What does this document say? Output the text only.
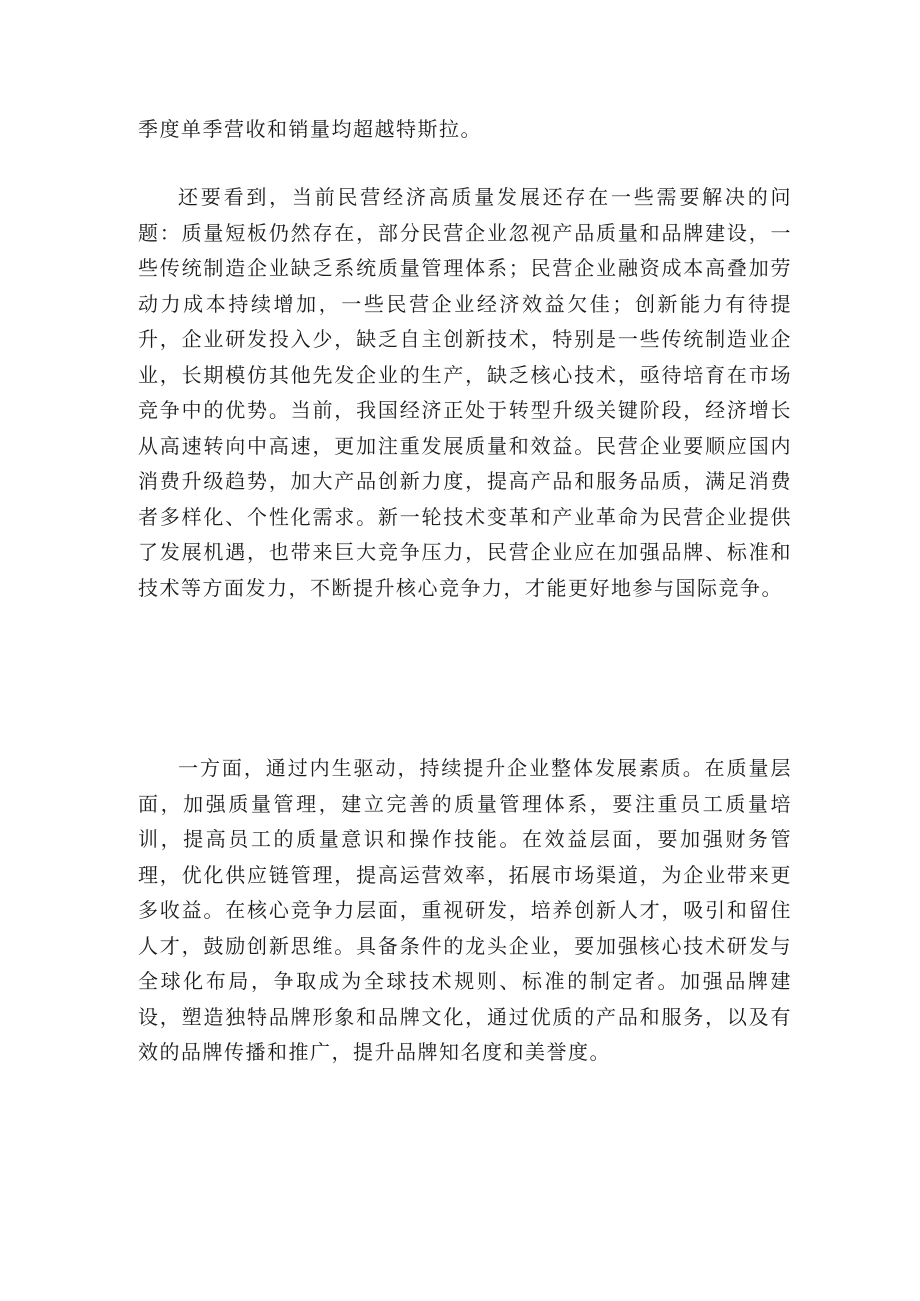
季度单季营收和销量均超越特斯拉。

还要看到，当前民营经济高质量发展还存在一些需要解决的问题：质量短板仍然存在，部分民营企业忽视产品质量和品牌建设，一些传统制造企业缺乏系统质量管理体系；民营企业融资成本高叠加劳动力成本持续增加，一些民营企业经济效益欠佳；创新能力有待提升，企业研发投入少，缺乏自主创新技术，特别是一些传统制造业企业，长期模仿其他先发企业的生产，缺乏核心技术，亟待培育在市场竞争中的优势。当前，我国经济正处于转型升级关键阶段，经济增长从高速转向中高速，更加注重发展质量和效益。民营企业要顺应国内消费升级趋势，加大产品创新力度，提高产品和服务品质，满足消费者多样化、个性化需求。新一轮技术变革和产业革命为民营企业提供了发展机遇，也带来巨大竞争压力，民营企业应在加强品牌、标准和技术等方面发力，不断提升核心竞争力，才能更好地参与国际竞争。

一方面，通过内生驱动，持续提升企业整体发展素质。在质量层面，加强质量管理，建立完善的质量管理体系，要注重员工质量培训，提高员工的质量意识和操作技能。在效益层面，要加强财务管理，优化供应链管理，提高运营效率，拓展市场渠道，为企业带来更多收益。在核心竞争力层面，重视研发，培养创新人才，吸引和留住人才，鼓励创新思维。具备条件的龙头企业，要加强核心技术研发与全球化布局，争取成为全球技术规则、标准的制定者。加强品牌建设，塑造独特品牌形象和品牌文化，通过优质的产品和服务，以及有效的品牌传播和推广，提升品牌知名度和美誉度。
